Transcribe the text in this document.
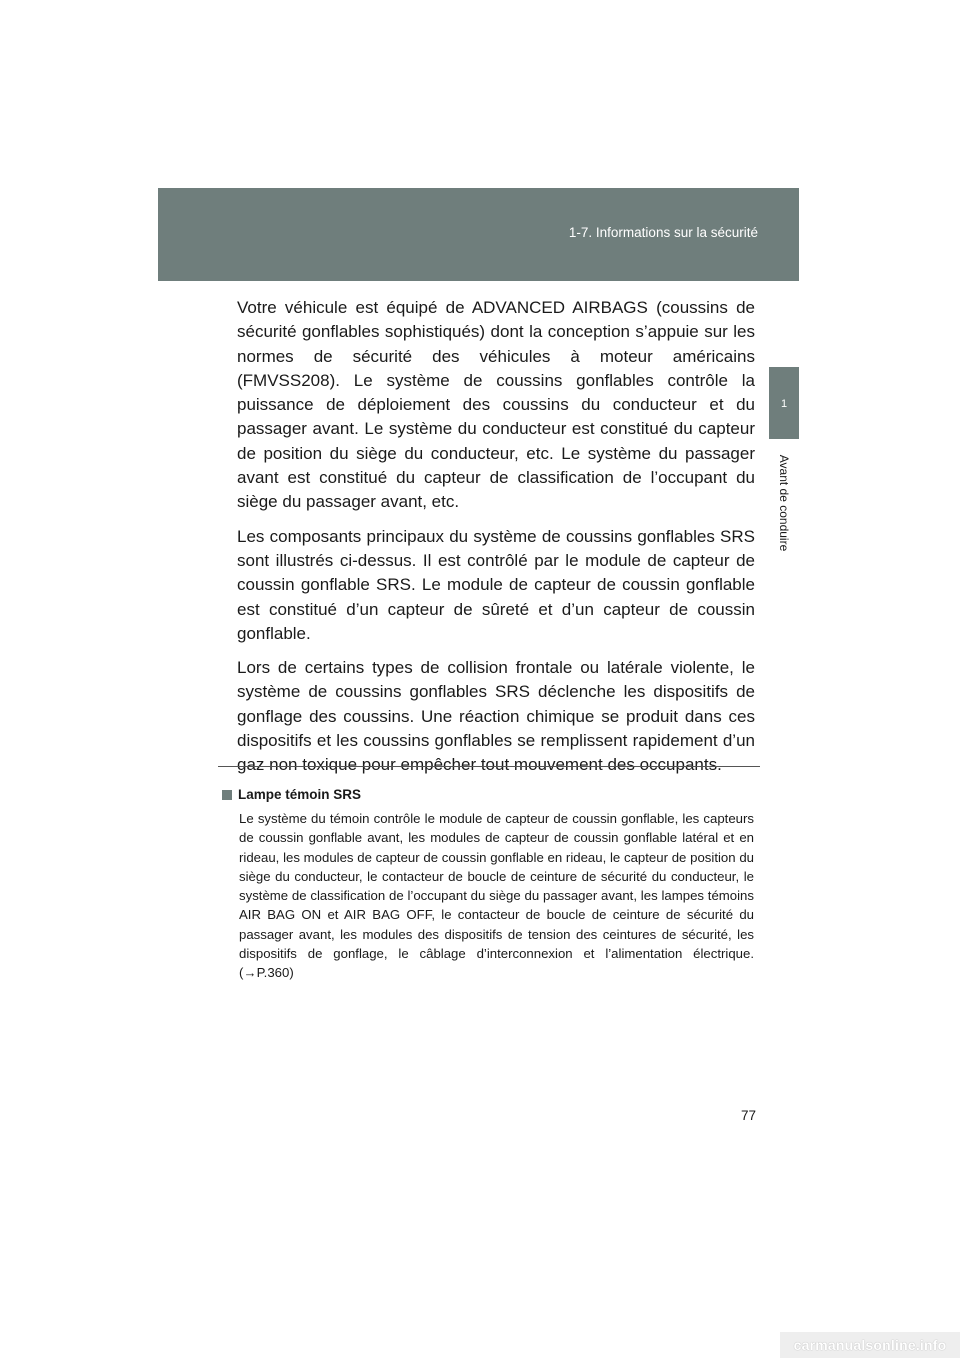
1-7. Informations sur la sécurité
1
Avant de conduire

Votre véhicule est équipé de ADVANCED AIRBAGS (coussins de sécurité gonflables sophistiqués) dont la conception s’appuie sur les normes de sécurité des véhicules à moteur américains (FMVSS208). Le système de coussins gonflables contrôle la puissance de déploiement des coussins du conducteur et du passager avant. Le système du conducteur est constitué du capteur de position du siège du conducteur, etc. Le système du passager avant est constitué du capteur de classification de l’occupant du siège du passager avant, etc.

Les composants principaux du système de coussins gonflables SRS sont illustrés ci-dessus. Il est contrôlé par le module de capteur de coussin gonflable SRS. Le module de capteur de coussin gonflable est constitué d’un capteur de sûreté et d’un capteur de coussin gonflable.

Lors de certains types de collision frontale ou latérale violente, le système de coussins gonflables SRS déclenche les dispositifs de gonflage des coussins. Une réaction chimique se produit dans ces dispositifs et les coussins gonflables se remplissent rapidement d’un gaz non toxique pour empêcher tout mouvement des occupants.

Lampe témoin SRS

Le système du témoin contrôle le module de capteur de coussin gonflable, les capteurs de coussin gonflable avant, les modules de capteur de coussin gonflable latéral et en rideau, les modules de capteur de coussin gonflable en rideau, le capteur de position du siège du conducteur, le contacteur de boucle de ceinture de sécurité du conducteur, le système de classification de l’occupant du siège du passager avant, les lampes témoins AIR BAG ON et AIR BAG OFF, le contacteur de boucle de ceinture de sécurité du passager avant, les modules des dispositifs de tension des ceintures de sécurité, les dispositifs de gonflage, le câblage d’interconnexion et l’alimentation électrique. (→P.360)

77
carmanualsonline.info
